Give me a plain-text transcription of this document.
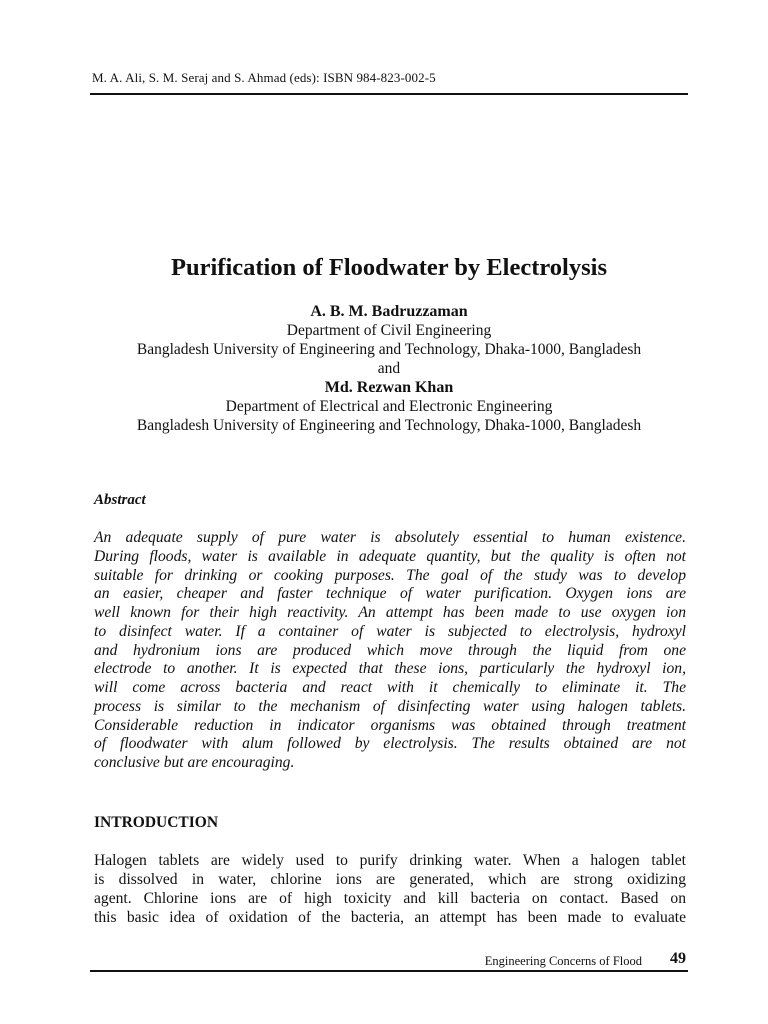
M. A. Ali, S. M. Seraj and S. Ahmad (eds): ISBN 984-823-002-5
Purification of Floodwater by Electrolysis
A. B. M. Badruzzaman
Department of Civil Engineering
Bangladesh University of Engineering and Technology, Dhaka-1000, Bangladesh
and
Md. Rezwan Khan
Department of Electrical and Electronic Engineering
Bangladesh University of Engineering and Technology, Dhaka-1000, Bangladesh
Abstract
An adequate supply of pure water is absolutely essential to human existence.
During floods, water is available in adequate quantity, but the quality is often not
suitable for drinking or cooking purposes. The goal of the study was to develop
an easier, cheaper and faster technique of water purification. Oxygen ions are
well known for their high reactivity. An attempt has been made to use oxygen ion
to disinfect water. If a container of water is subjected to electrolysis, hydroxyl
and hydronium ions are produced which move through the liquid from one
electrode to another. It is expected that these ions, particularly the hydroxyl ion,
will come across bacteria and react with it chemically to eliminate it. The
process is similar to the mechanism of disinfecting water using halogen tablets.
Considerable reduction in indicator organisms was obtained through treatment
of floodwater with alum followed by electrolysis. The results obtained are not
conclusive but are encouraging.
INTRODUCTION
Halogen tablets are widely used to purify drinking water. When a halogen tablet
is dissolved in water, chlorine ions are generated, which are strong oxidizing
agent. Chlorine ions are of high toxicity and kill bacteria on contact. Based on
this basic idea of oxidation of the bacteria, an attempt has been made to evaluate
Engineering Concerns of Flood 49
